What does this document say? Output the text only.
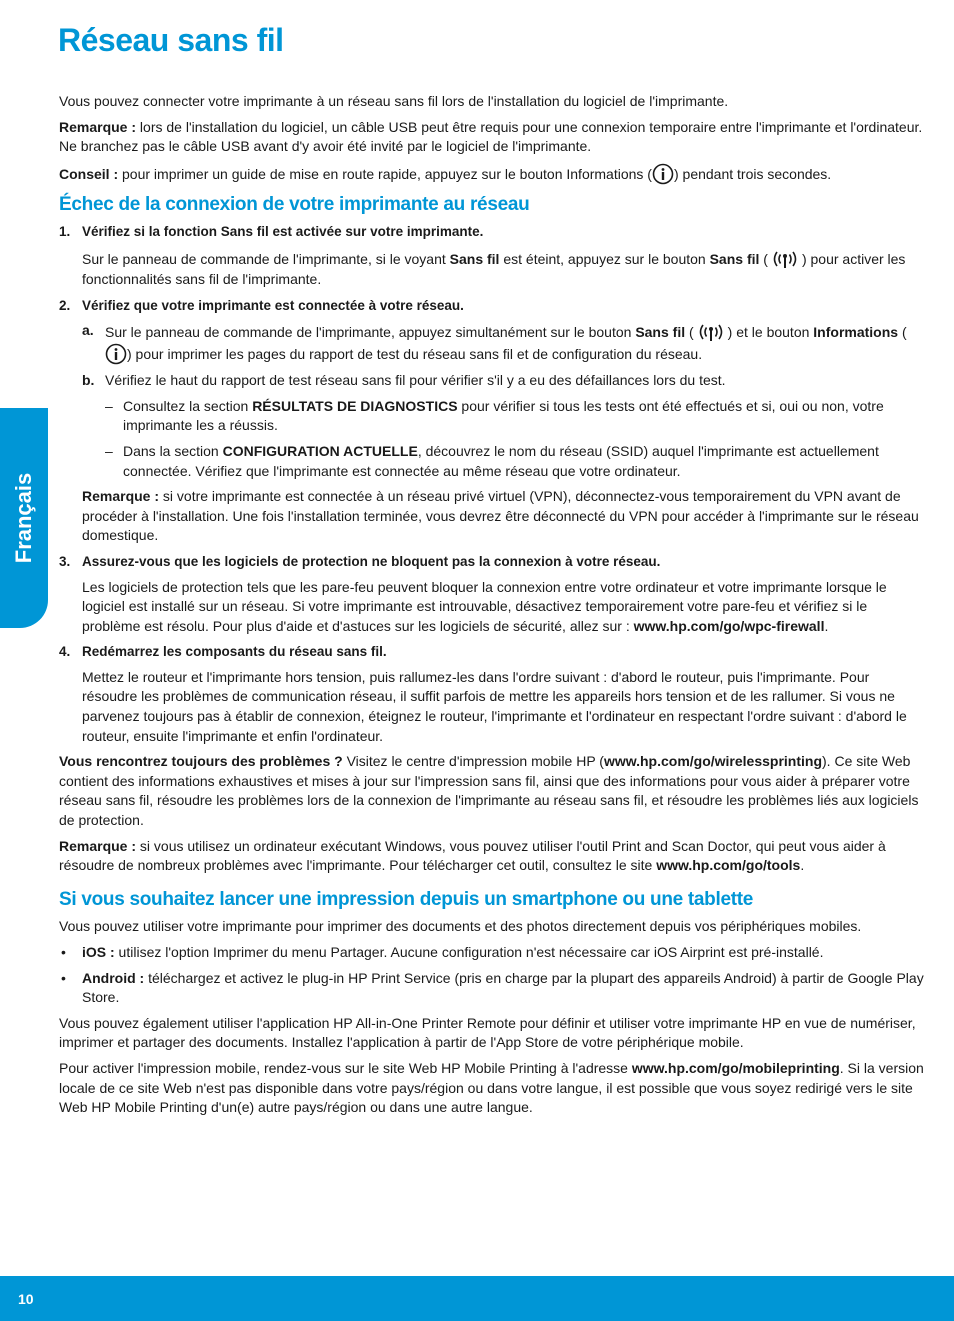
Réseau sans fil
Français

Vous pouvez connecter votre imprimante à un réseau sans fil lors de l'installation du logiciel de l'imprimante.

Remarque : lors de l'installation du logiciel, un câble USB peut être requis pour une connexion temporaire entre l'imprimante et l'ordinateur. Ne branchez pas le câble USB avant d'y avoir été invité par le logiciel de l'imprimante.

Conseil : pour imprimer un guide de mise en route rapide, appuyez sur le bouton Informations ( ) pendant trois secondes.

Échec de la connexion de votre imprimante au réseau
1. Vérifiez si la fonction Sans fil est activée sur votre imprimante.

Sur le panneau de commande de l'imprimante, si le voyant Sans fil est éteint, appuyez sur le bouton Sans fil ( ) pour activer les fonctionnalités sans fil de l'imprimante.

2. Vérifiez que votre imprimante est connectée à votre réseau.
a. Sur le panneau de commande de l'imprimante, appuyez simultanément sur le bouton Sans fil ( ) et le bouton Informations () pour imprimer les pages du rapport de test du réseau sans fil et de configuration du réseau.
b. Vérifiez le haut du rapport de test réseau sans fil pour vérifier s'il y a eu des défaillances lors du test.
– Consultez la section RÉSULTATS DE DIAGNOSTICS pour vérifier si tous les tests ont été effectués et si, oui ou non, votre imprimante les a réussis.
– Dans la section CONFIGURATION ACTUELLE, découvrez le nom du réseau (SSID) auquel l'imprimante est actuellement connectée. Vérifiez que l'imprimante est connectée au même réseau que votre ordinateur.

Remarque : si votre imprimante est connectée à un réseau privé virtuel (VPN), déconnectez-vous temporairement du VPN avant de procéder à l'installation. Une fois l'installation terminée, vous devrez être déconnecté du VPN pour accéder à l'imprimante sur le réseau domestique.

3. Assurez-vous que les logiciels de protection ne bloquent pas la connexion à votre réseau.

Les logiciels de protection tels que les pare-feu peuvent bloquer la connexion entre votre ordinateur et votre imprimante lorsque le logiciel est installé sur un réseau. Si votre imprimante est introuvable, désactivez temporairement votre pare-feu et vérifiez si le problème est résolu. Pour plus d'aide et d'astuces sur les logiciels de sécurité, allez sur : www.hp.com/go/wpc-firewall.

4. Redémarrez les composants du réseau sans fil.

Mettez le routeur et l'imprimante hors tension, puis rallumez-les dans l'ordre suivant : d'abord le routeur, puis l'imprimante. Pour résoudre les problèmes de communication réseau, il suffit parfois de mettre les appareils hors tension et de les rallumer. Si vous ne parvenez toujours pas à établir de connexion, éteignez le routeur, l'imprimante et l'ordinateur en respectant l'ordre suivant : d'abord le routeur, ensuite l'imprimante et enfin l'ordinateur.

Vous rencontrez toujours des problèmes ? Visitez le centre d'impression mobile HP (www.hp.com/go/wirelessprinting). Ce site Web contient des informations exhaustives et mises à jour sur l'impression sans fil, ainsi que des informations pour vous aider à préparer votre réseau sans fil, résoudre les problèmes lors de la connexion de l'imprimante au réseau sans fil, et résoudre les problèmes liés aux logiciels de protection.

Remarque : si vous utilisez un ordinateur exécutant Windows, vous pouvez utiliser l'outil Print and Scan Doctor, qui peut vous aider à résoudre de nombreux problèmes avec l'imprimante. Pour télécharger cet outil, consultez le site www.hp.com/go/tools.

Si vous souhaitez lancer une impression depuis un smartphone ou une tablette

Vous pouvez utiliser votre imprimante pour imprimer des documents et des photos directement depuis vos périphériques mobiles.

• iOS : utilisez l'option Imprimer du menu Partager. Aucune configuration n'est nécessaire car iOS Airprint est pré-installé.
• Android : téléchargez et activez le plug-in HP Print Service (pris en charge par la plupart des appareils Android) à partir de Google Play Store.

Vous pouvez également utiliser l'application HP All-in-One Printer Remote pour définir et utiliser votre imprimante HP en vue de numériser, imprimer et partager des documents. Installez l'application à partir de l'App Store de votre périphérique mobile.

Pour activer l'impression mobile, rendez-vous sur le site Web HP Mobile Printing à l'adresse www.hp.com/go/mobileprinting. Si la version locale de ce site Web n'est pas disponible dans votre pays/région ou dans votre langue, il est possible que vous soyez redirigé vers le site Web HP Mobile Printing d'un(e) autre pays/région ou dans une autre langue.

10
